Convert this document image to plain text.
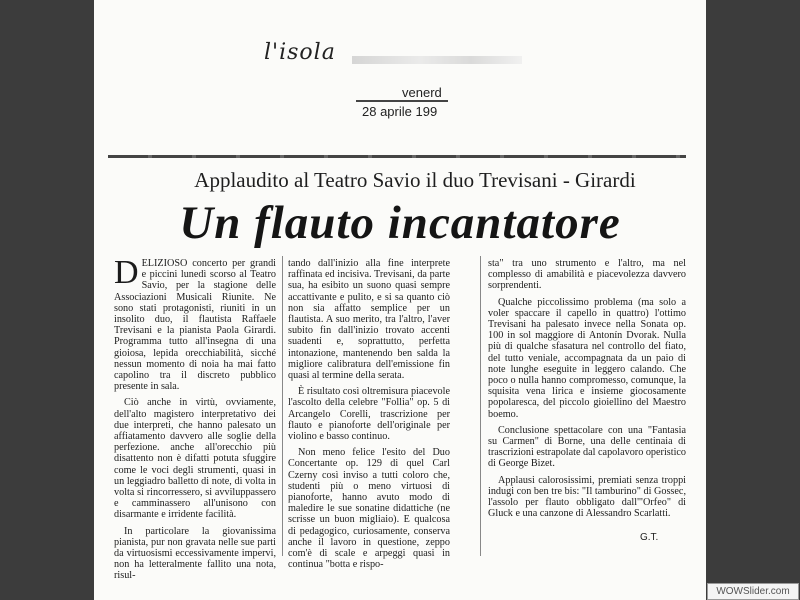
l'isola
venerd
28 aprile 199
Applaudito al Teatro Savio il duo Trevisani - Girardi
Un flauto incantatore

DELIZIOSO concerto per grandi e piccini lunedì scorso al Teatro Savio, per la stagione delle Associazioni Musicali Riunite. Ne sono stati protagonisti, riuniti in un insolito duo, il flautista Raffaele Trevisani e la pianista Paola Girardi. Programma tutto all'insegna di una gioiosa, lepida orecchiabilità, sicché nessun momento di noia ha mai fatto capolino tra il discreto pubblico presente in sala.

Ciò anche in virtù, ovviamente, dell'alto magistero interpretativo dei due interpreti, che hanno palesato un affiatamento davvero alle soglie della perfezione. anche all'orecchio più disattento non è difatti potuta sfuggire come le voci degli strumenti, quasi in un leggiadro balletto di note, di volta in volta si rincorressero, si avviluppassero e camminassero all'unisono con disarmante e irridente facilità.

In particolare la giovanissima pianista, pur non gravata nelle sue parti da virtuosismi eccessivamente impervi, non ha letteralmente fallito una nota, risul-

tando dall'inizio alla fine interprete raffinata ed incisiva. Trevisani, da parte sua, ha esibito un suono quasi sempre accattivante e pulito, e si sa quanto ciò non sia affatto semplice per un flautista. A suo merito, tra l'altro, l'aver subito fin dall'inizio trovato accenti suadenti e, soprattutto, perfetta intonazione, mantenendo ben salda la migliore calibratura dell'emissione fin quasi al termine della serata.

È risultato così oltremisura piacevole l'ascolto della celebre "Follia" op. 5 di Arcangelo Corelli, trascrizione per flauto e pianoforte dell'originale per violino e basso continuo.

Non meno felice l'esito del Duo Concertante op. 129 di quel Carl Czerny così inviso a tutti coloro che, studenti più o meno virtuosi di pianoforte, hanno avuto modo di maledire le sue sonatine didattiche (ne scrisse un buon migliaio). E qualcosa di pedagogico, curiosamente, conserva anche il lavoro in questione, zeppo com'è di scale e arpeggi quasi in continua "botta e rispo-

sta" tra uno strumento e l'altro, ma nel complesso di amabilità e piacevolezza davvero sorprendenti.

Qualche piccolissimo problema (ma solo a voler spaccare il capello in quattro) l'ottimo Trevisani ha palesato invece nella Sonata op. 100 in sol maggiore di Antonín Dvorak. Nulla più di qualche sfasatura nel controllo del fiato, del tutto veniale, accompagnata da un paio di note lunghe eseguite in leggero calando. Che poco o nulla hanno compromesso, comunque, la squisita vena lirica e insieme giocosamente popolaresca, del piccolo gioiellino del Maestro boemo.

Conclusione spettacolare con una "Fantasia su Carmen" di Borne, una delle centinaia di trascrizioni estrapolate dal capolavoro operistico di George Bizet.

Applausi calorosissimi, premiati senza troppi indugi con ben tre bis: "Il tamburino" di Gossec, l'assolo per flauto obbligato dall'"Orfeo" di Gluck e una canzone di Alessandro Scarlatti.

G.T.
WOWSlider.com
